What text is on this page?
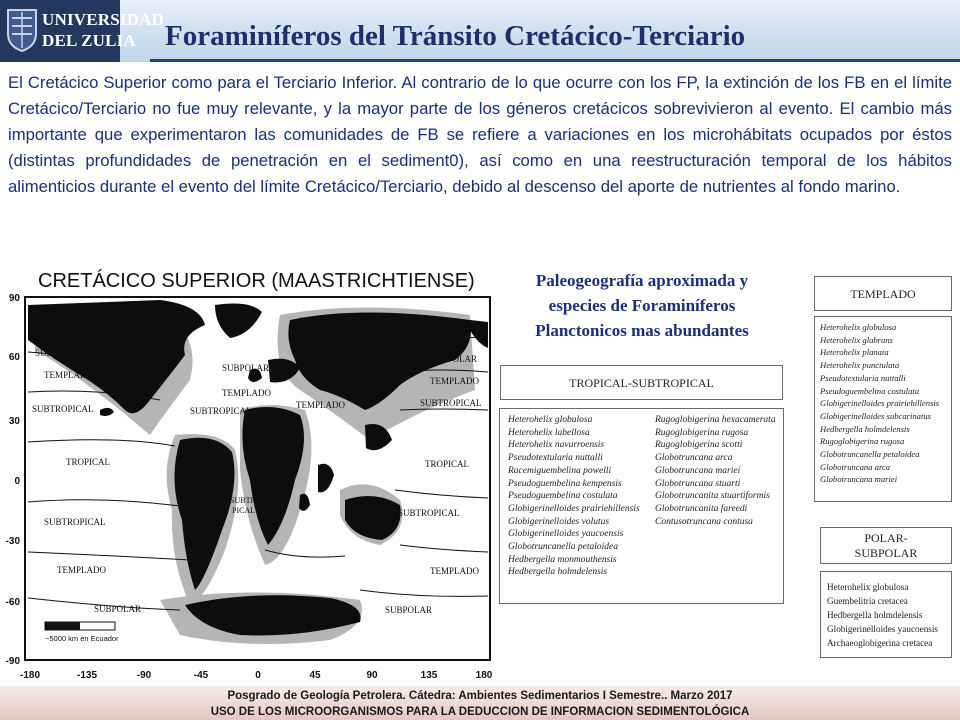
UNIVERSIDAD
DEL ZULIA	Foraminíferos del Tránsito Cretácico-Terciario

El Cretácico Superior como para el Terciario Inferior. Al contrario de lo que ocurre con los FP, la extinción de los FB en el límite Cretácico/Terciario no fue muy relevante, y la mayor parte de los géneros cretácicos sobrevivieron al evento. El cambio más importante que experimentaron las comunidades de FB se refiere a variaciones en los microhábitats ocupados por éstos (distintas profundidades de penetración en el sediment0), así como en una reestructuración temporal de los hábitos alimenticios durante el evento del límite Cretácico/Terciario, debido al descenso del aporte de nutrientes al fondo marino.

CRETÁCICO SUPERIOR (MAASTRICHTIENSE)
POLAR
SUBPOLAR
TEMPLADO
SUBTROPICAL
TROPICAL
SUBTROPICAL
TEMPLADO
SUBPOLAR	POLAR
SUBPOLAR
TEMPLADO
TEMPLADO
SUBTROPICAL
TROPICAL
SUBTRO
PICAL
SUBPOLAR
TEMPLADO
SUBTROPICAL
TROPICAL
SUBTROPICAL
TEMPLADO
SUBPOLAR
~5000 km en Ecuador
90
60
30
0
-30
-60
-90
-180	-135	-90	-45	0	45	90	135	180
Paleogeografía aproximada y
especies de Foraminíferos
Planctonicos mas abundantes
TROPICAL-SUBTROPICAL
Heterohelix globulosa
Heterohelix labellosa
Heterohelix navarroensis
Pseudotextularia nuttalli
Racemiguembelina powelli
Pseudoguembelina kempensis
Pseudoguembelina costulata
Globigerinelloides prairiehillensis
Globigerinelloides volutus
Globigerinelloides yaucoensis
Globotruncanella petaloidea
Hedbergella monmouthensis
Hedbergella holmdelensis
Rugoglobigerina hexacamerata
Rugoglobigerina rugosa
Rugoglobigerina scotti
Globotruncana arca
Globotruncana mariei
Globotruncana stuarti
Globotruncanita stuartiformis
Globotruncanita fareedi
Contusotruncana contusa
TEMPLADO
Heterohelix globulosa
Heterohelix glabrans
Heterohelix planata
Heterohelix punctulata
Pseudotextularia nuttalli
Pseudoguembelina costulata
Globigerinelloides prairiehillensis
Globigerinelloides subcarinatus
Hedbergella holmdelensis
Rugoglobigerina rugosa
Globotruncanella petaloidea
Globotruncana arca
Globotruncana mariei
POLAR-
SUBPOLAR
Heterohelix globulosa
Guembelitria cretacea
Hedbergella holmdelensis
Globigerinelloides yaucoensis
Archaeoglobigerina cretacea
Posgrado de Geología Petrolera. Cátedra: Ambientes Sedimentarios I Semestre.. Marzo 2017
USO DE LOS MICROORGANISMOS PARA LA DEDUCCION DE INFORMACION SEDIMENTOLÓGICA
